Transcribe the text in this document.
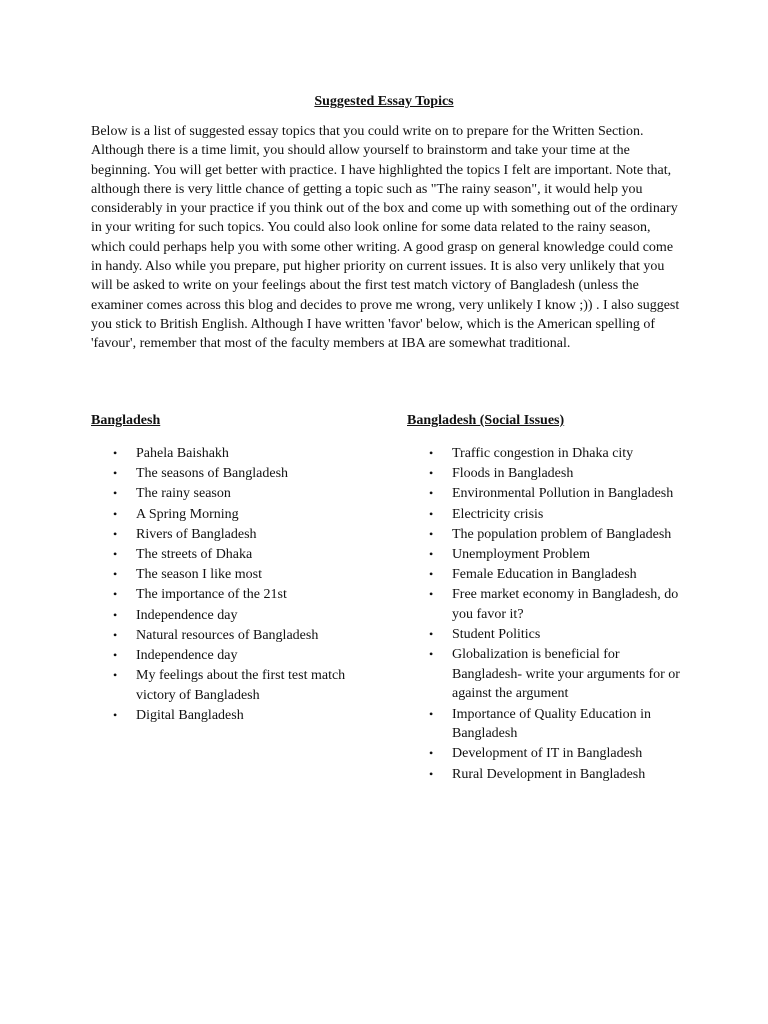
Suggested Essay Topics

Below is a list of suggested essay topics that you could write on to prepare for the Written Section. Although there is a time limit, you should allow yourself to brainstorm and take your time at the beginning. You will get better with practice. I have highlighted the topics I felt are important. Note that, although there is very little chance of getting a topic such as "The rainy season", it would help you considerably in your practice if you think out of the box and come up with something out of the ordinary in your writing for such topics. You could also look online for some data related to the rainy season, which could perhaps help you with some other writing. A good grasp on general knowledge could come in handy. Also while you prepare, put higher priority on current issues. It is also very unlikely that you will be asked to write on your feelings about the first test match victory of Bangladesh (unless the examiner comes across this blog and decides to prove me wrong, very unlikely I know ;)) . I also suggest you stick to British English. Although I have written 'favor' below, which is the American spelling of 'favour', remember that most of the faculty members at IBA are somewhat traditional.

Bangladesh
• Pahela Baishakh
• The seasons of Bangladesh
• The rainy season
• A Spring Morning
• Rivers of Bangladesh
• The streets of Dhaka
• The season I like most
• The importance of the 21st
• Independence day
• Natural resources of Bangladesh
• Independence day
• My feelings about the first test match victory of Bangladesh
• Digital Bangladesh
Bangladesh (Social Issues)
• Traffic congestion in Dhaka city
• Floods in Bangladesh
• Environmental Pollution in Bangladesh
• Electricity crisis
• The population problem of Bangladesh
• Unemployment Problem
• Female Education in Bangladesh
• Free market economy in Bangladesh, do you favor it?
• Student Politics
• Globalization is beneficial for Bangladesh- write your arguments for or against the argument
• Importance of Quality Education in Bangladesh
• Development of IT in Bangladesh
• Rural Development in Bangladesh
